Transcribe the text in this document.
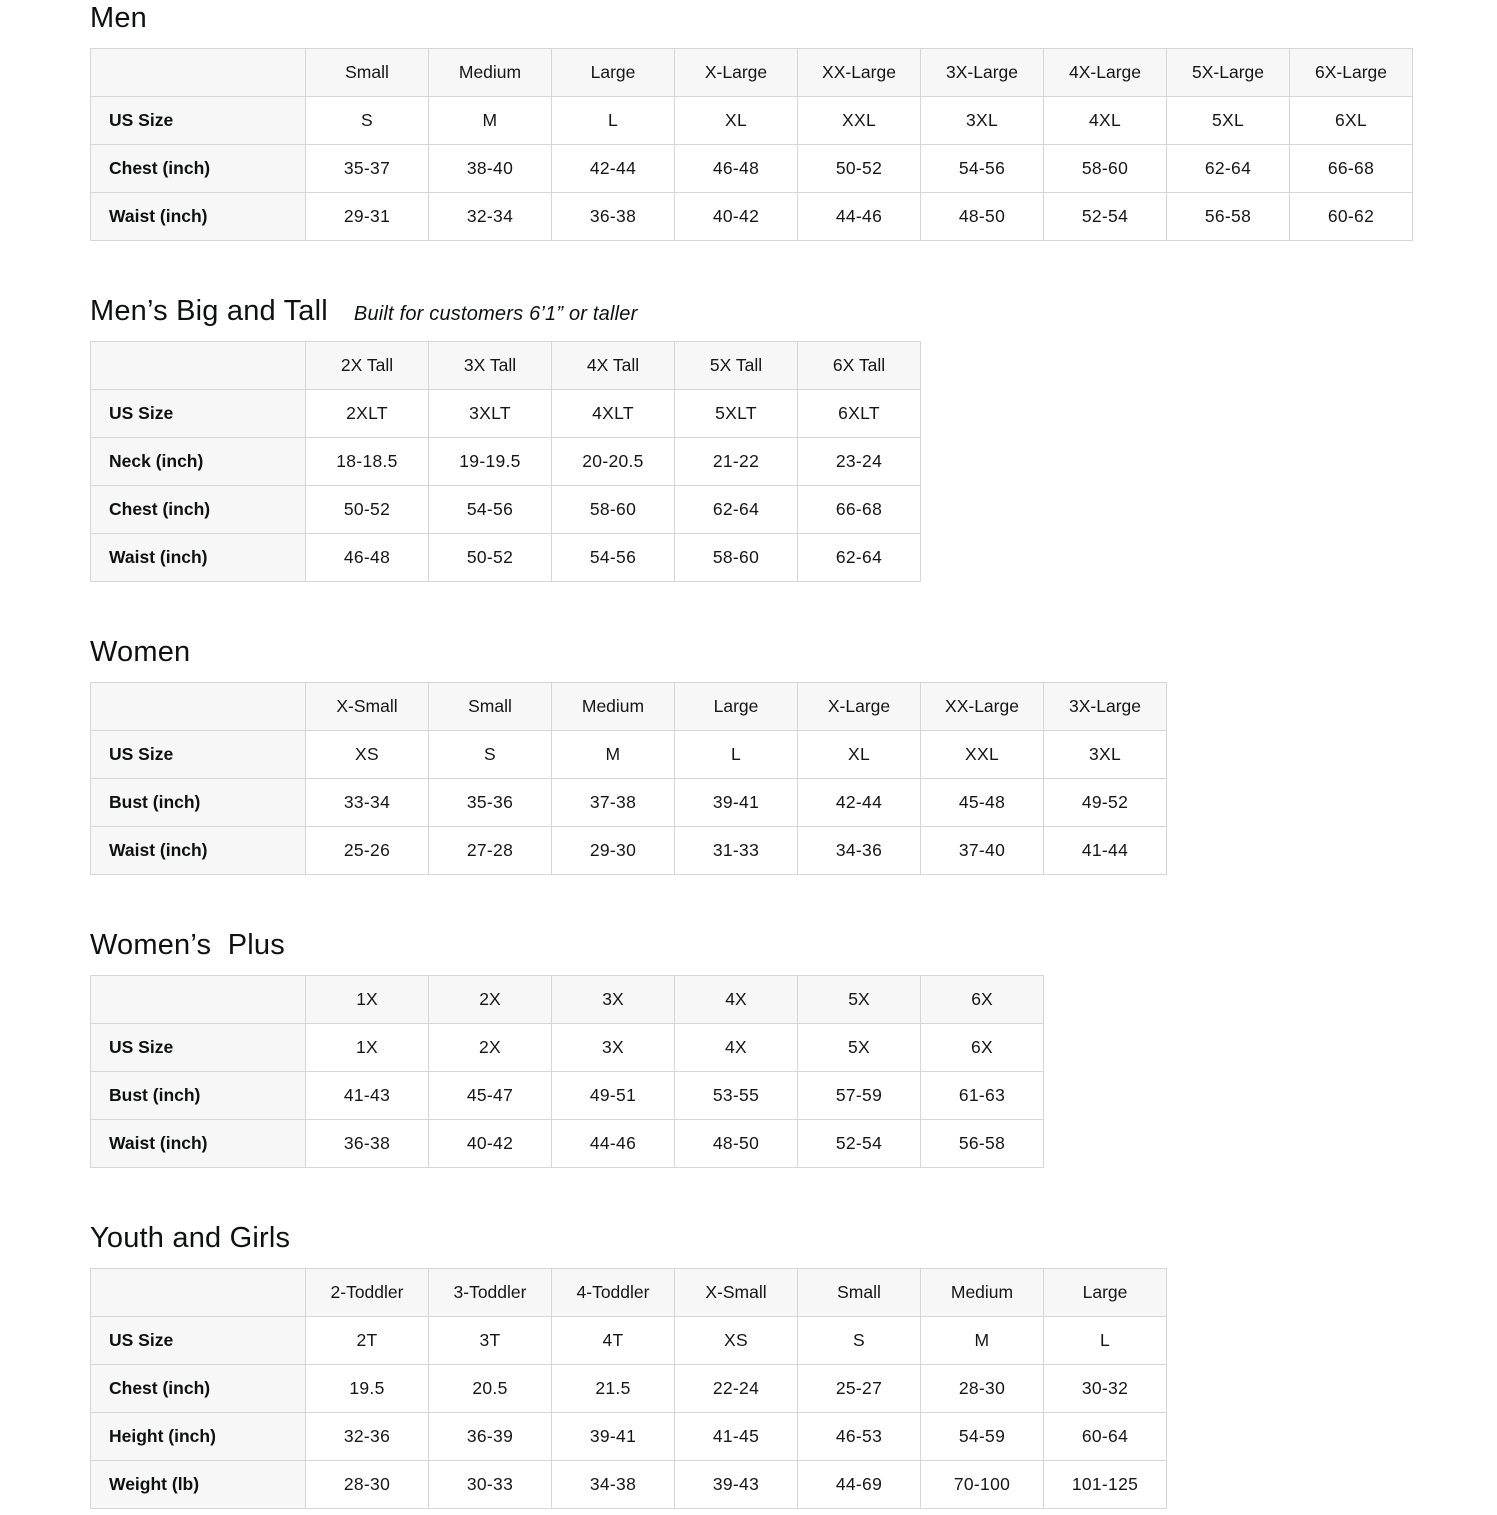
Men
	Small	Medium	Large	X-Large	XX-Large	3X-Large	4X-Large	5X-Large	6X-Large
US Size	S	M	L	XL	XXL	3XL	4XL	5XL	6XL
Chest (inch)	35-37	38-40	42-44	46-48	50-52	54-56	58-60	62-64	66-68
Waist (inch)	29-31	32-34	36-38	40-42	44-46	48-50	52-54	56-58	60-62
Men’s Big and Tall Built for customers 6’1” or taller
	2X Tall	3X Tall	4X Tall	5X Tall	6X Tall
US Size	2XLT	3XLT	4XLT	5XLT	6XLT
Neck (inch)	18-18.5	19-19.5	20-20.5	21-22	23-24
Chest (inch)	50-52	54-56	58-60	62-64	66-68
Waist (inch)	46-48	50-52	54-56	58-60	62-64
Women
	X-Small	Small	Medium	Large	X-Large	XX-Large	3X-Large
US Size	XS	S	M	L	XL	XXL	3XL
Bust (inch)	33-34	35-36	37-38	39-41	42-44	45-48	49-52
Waist (inch)	25-26	27-28	29-30	31-33	34-36	37-40	41-44
Women’s  Plus
	1X	2X	3X	4X	5X	6X
US Size	1X	2X	3X	4X	5X	6X
Bust (inch)	41-43	45-47	49-51	53-55	57-59	61-63
Waist (inch)	36-38	40-42	44-46	48-50	52-54	56-58
Youth and Girls
	2-Toddler	3-Toddler	4-Toddler	X-Small	Small	Medium	Large
US Size	2T	3T	4T	XS	S	M	L
Chest (inch)	19.5	20.5	21.5	22-24	25-27	28-30	30-32
Height (inch)	32-36	36-39	39-41	41-45	46-53	54-59	60-64
Weight (lb)	28-30	30-33	34-38	39-43	44-69	70-100	101-125
